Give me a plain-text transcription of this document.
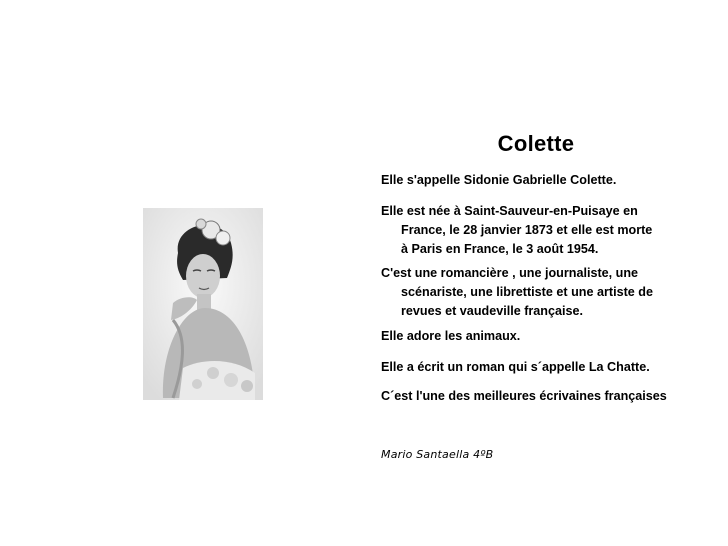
Colette
Elle s'appelle Sidonie Gabrielle Colette.
Elle est née à Saint-Sauveur-en-Puisaye en
France, le 28 janvier 1873 et elle est morte
à Paris en France, le 3 août 1954.
C'est une romancière , une journaliste, une
scénariste, une librettiste et une artiste de
revues et vaudeville française.
Elle adore les animaux.
Elle a écrit un roman qui s´appelle La Chatte.
C´est l'une des meilleures écrivaines françaises
Mario Santaella 4ºB
